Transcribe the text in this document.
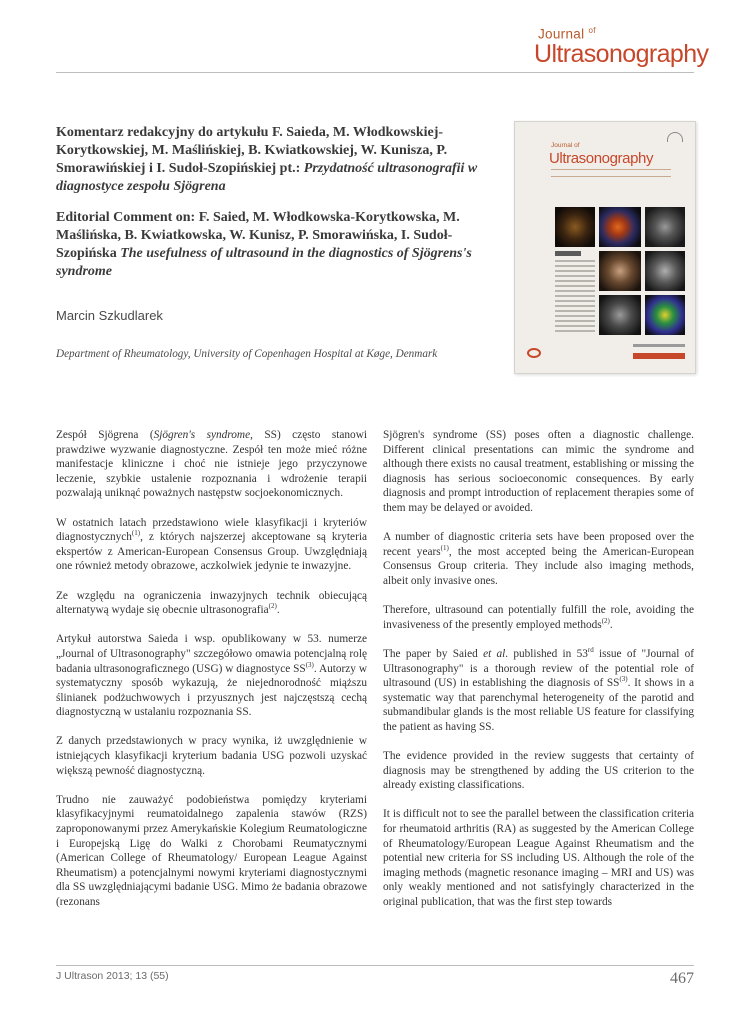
Journal $^{of}$
Ultrasonography
Komentarz redakcyjny do artykułu F. Saieda, M. Włodkowskiej-Korytkowskiej, M. Maślińskiej, B. Kwiatkowskiej, W. Kunisza, P. Smorawińskiej i I. Sudoł-Szopińskiej pt.: Przydatność ultrasonografii w diagnostyce zespołu Sjögrena
Editorial Comment on: F. Saied, M. Włodkowska-Korytkowska, M. Maślińska, B. Kwiatkowska, W. Kunisz, P. Smorawińska, I. Sudoł-Szopińska The usefulness of ultrasound in the diagnostics of Sjögrens's syndrome
Marcin Szkudlarek
Department of Rheumatology, University of Copenhagen Hospital at Køge, Denmark
Journal of
Ultrasonography

Zespół Sjögrena (Sjögren's syndrome, SS) często stanowi prawdziwe wyzwanie diagnostyczne. Zespół ten może mieć różne manifestacje kliniczne i choć nie istnieje jego przyczynowe leczenie, szybkie ustalenie rozpoznania i wdrożenie terapii pozwalają uniknąć poważnych następstw socjoekonomicznych.

W ostatnich latach przedstawiono wiele klasyfikacji i kryteriów diagnostycznych$^{(1)}$, z których najszerzej akceptowane są kryteria ekspertów z American-European Consensus Group. Uwzględniają one również metody obrazowe, aczkolwiek jedynie te inwazyjne.

Ze względu na ograniczenia inwazyjnych technik obiecującą alternatywą wydaje się obecnie ultrasonografia$^{(2)}$.

Artykuł autorstwa Saieda i wsp. opublikowany w 53. numerze „Journal of Ultrasonography" szczegółowo omawia potencjalną rolę badania ultrasonograficznego (USG) w diagnostyce SS$^{(3)}$. Autorzy w systematyczny sposób wykazują, że niejednorodność miąższu ślinianek podżuchwowych i przyusznych jest najczęstszą cechą diagnostyczną w ustalaniu rozpoznania SS.

Z danych przedstawionych w pracy wynika, iż uwzględnienie w istniejących klasyfikacji kryterium badania USG pozwoli uzyskać większą pewność diagnostyczną.

Trudno nie zauważyć podobieństwa pomiędzy kryteriami klasyfikacyjnymi reumatoidalnego zapalenia stawów (RZS) zaproponowanymi przez Amerykańskie Kolegium Reumatologiczne i Europejską Ligę do Walki z Chorobami Reumatycznymi (American College of Rheumatology/ European League Against Rheumatism) a potencjalnymi nowymi kryteriami diagnostycznymi dla SS uwzględniającymi badanie USG. Mimo że badania obrazowe (rezonans

Sjögren's syndrome (SS) poses often a diagnostic challenge. Different clinical presentations can mimic the syndrome and although there exists no causal treatment, establishing or missing the diagnosis has serious socioeconomic consequences. By early diagnosis and prompt introduction of replacement therapies some of them may be delayed or avoided.

A number of diagnostic criteria sets have been proposed over the recent years$^{(1)}$, the most accepted being the American-European Consensus Group criteria. They include also imaging methods, albeit only invasive ones.

Therefore, ultrasound can potentially fulfill the role, avoiding the invasiveness of the presently employed methods$^{(2)}$.

The paper by Saied et al. published in 53rd issue of "Journal of Ultrasonography" is a thorough review of the potential role of ultrasound (US) in establishing the diagnosis of SS$^{(3)}$. It shows in a systematic way that parenchymal heterogeneity of the parotid and submandibular glands is the most reliable US feature for classifying the patient as having SS.

The evidence provided in the review suggests that certainty of diagnosis may be strengthened by adding the US criterion to the already existing classifications.

It is difficult not to see the parallel between the classification criteria for rheumatoid arthritis (RA) as suggested by the American College of Rheumatology/European League Against Rheumatism and the potential new criteria for SS including US. Although the role of the imaging methods (magnetic resonance imaging – MRI and US) was only weakly mentioned and not satisfyingly characterized in the original publication, that was the first step towards

J Ultrason 2013; 13 (55)	467
